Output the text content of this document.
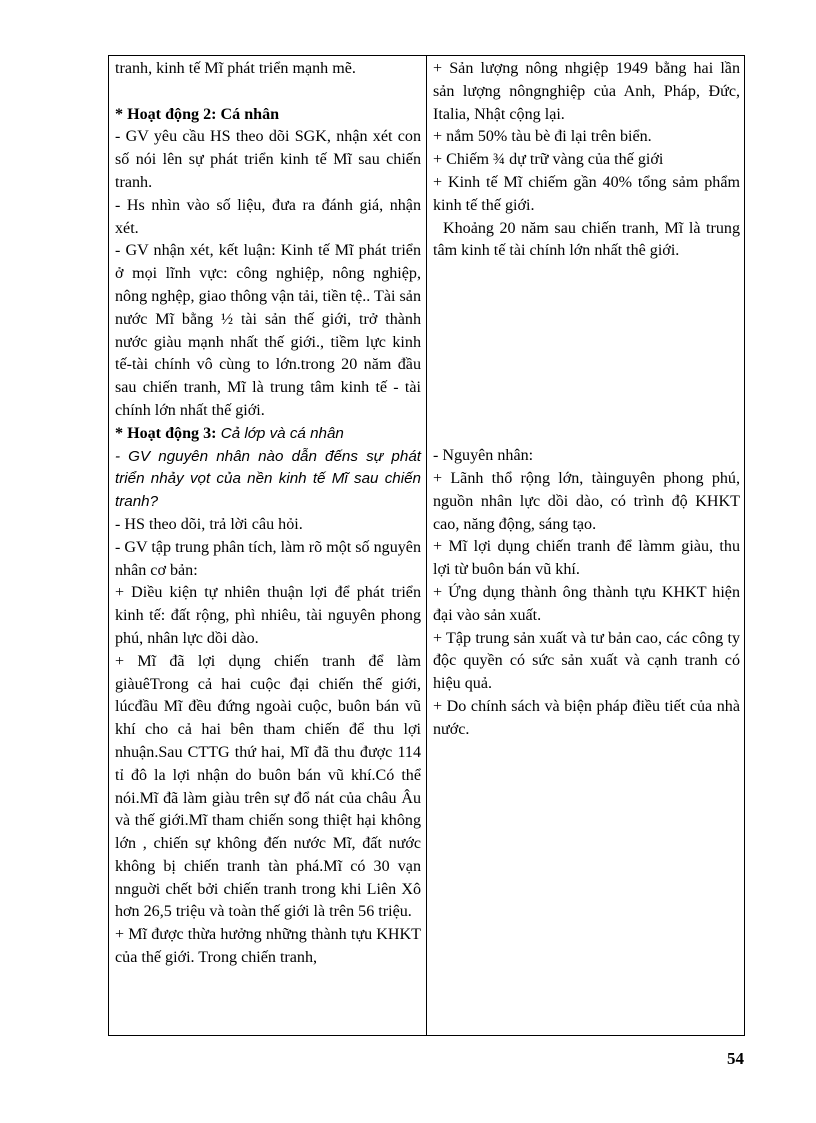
tranh, kinh tế Mĩ phát triển mạnh mẽ.

* Hoạt động 2: Cá nhân

- GV yêu cầu HS theo dõi SGK, nhận xét con số nói lên sự phát triển kinh tế Mĩ sau chiến tranh.

- Hs nhìn vào số liệu, đưa ra đánh giá, nhận xét.

- GV nhận xét, kết luận: Kinh tế Mĩ phát triển ở mọi lĩnh vực: công nghiệp, nông nghiệp, nông nghệp, giao thông vận tải, tiền tệ.. Tài sản nước Mĩ bằng ½ tài sản thế giới, trở thành nước giàu mạnh nhất thế giới., tiềm lực kinh tế-tài chính vô cùng to lớn.trong 20 năm đầu sau chiến tranh, Mĩ là trung tâm kinh tế - tài chính lớn nhất thế giới.

* Hoạt động 3: Cả lớp và cá nhân

- GV nguyên nhân nào dẫn đếns sự phát triển nhảy vọt của nền kinh tế Mĩ sau chiến tranh?

- HS theo dõi, trả lời câu hỏi.

- GV tập trung phân tích, làm rõ một số nguyên nhân cơ bản:

+ Diều kiện tự nhiên thuận lợi để phát triển kinh tế: đất rộng, phì nhiêu, tài nguyên phong phú, nhân lực dồi dào.

+ Mĩ đã lợi dụng chiến tranh để làm giàuêTrong cả hai cuộc đại chiến thế giới, lúcđầu Mĩ đều đứng ngoài cuộc, buôn bán vũ khí cho cả hai bên tham chiến để thu lợi nhuận.Sau CTTG thứ hai, Mĩ đã thu được 114 tỉ đô la lợi nhận do buôn bán vũ khí.Có thể nói.Mĩ đã làm giàu trên sự đổ nát của châu Âu và thế giới.Mĩ tham chiến song thiệt hại không lớn , chiến sự không đến nước Mĩ, đất nước không bị chiến tranh tàn phá.Mĩ có 30 vạn nnguời chết bởi chiến tranh trong khi Liên Xô hơn 26,5 triệu và toàn thế giới là trên 56 triệu.

+ Mĩ được thừa hưởng những thành tựu KHKT của thế giới. Trong chiến tranh,

+ Sản lượng nông nhgiệp 1949 bằng hai lần sản lượng nôngnghiệp của Anh, Pháp, Đức, Italia, Nhật cộng lại.

+ nắm 50% tàu bè đi lại trên biển.

+ Chiếm ¾ dự trữ vàng của thế giới

+ Kinh tế Mĩ chiếm gần 40% tổng sảm phẩm kinh tế thế giới.

Khoảng 20 năm sau chiến tranh, Mĩ là trung tâm kinh tế tài chính lớn nhất thê giới.

- Nguyên nhân:

+ Lãnh thổ rộng lớn, tàinguyên phong phú, nguồn nhân lực dồi dào, có trình độ KHKT cao, năng động, sáng tạo.

+ Mĩ lợi dụng chiến tranh để làmm giàu, thu lợi từ buôn bán vũ khí.

+ Ứng dụng thành ông thành tựu KHKT hiện đại vào sản xuất.

+ Tập trung sản xuất và tư bản cao, các công ty độc quyền có sức sản xuất và cạnh tranh có hiệu quả.

+ Do chính sách và biện pháp điều tiết của nhà nước.

54
